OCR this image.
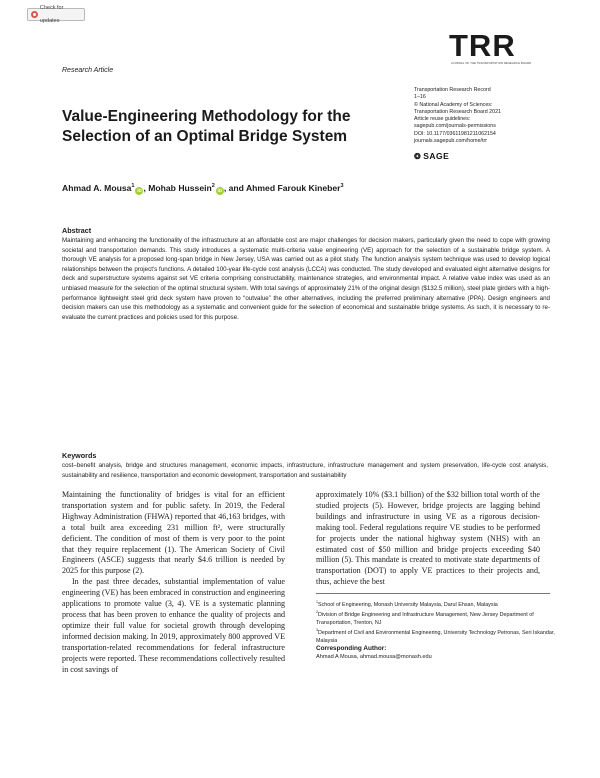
Check for updates
TRR
JOURNAL OF THE TRANSPORTATION RESEARCH BOARD
Research Article
Transportation Research Record
1–16
© National Academy of Sciences:
Transportation Research Board 2021
Article reuse guidelines:
sagepub.com/journals-permissions
DOI: 10.1177/03611981211062154
journals.sagepub.com/home/trr
❂ SAGE
Value-Engineering Methodology for the Selection of an Optimal Bridge System
Ahmad A. Mousa$^1$iD , Mohab Hussein$^2$iD , and Ahmed Farouk Kineber$^3$
Abstract
Maintaining and enhancing the functionality of the infrastructure at an affordable cost are major challenges for decision makers, particularly given the need to cope with growing societal and transportation demands. This study introduces a systematic multi-criteria value engineering (VE) approach for the selection of a sustainable bridge system. A thorough VE analysis for a proposed long-span bridge in New Jersey, USA was carried out as a pilot study. The function analysis system technique was used to develop logical relationships between the project's functions. A detailed 100-year life-cycle cost analysis (LCCA) was conducted. The study developed and evaluated eight alternative designs for deck and superstructure systems against set VE criteria comprising constructability, maintenance strategies, and environmental impact. A relative value index was used as an unbiased measure for the selection of the optimal structural system. With total savings of approximately 21% of the original design ($132.5 million), steel plate girders with a high-performance lightweight steel grid deck system have proven to “outvalue” the other alternatives, including the preferred preliminary alternative (PPA). Design engineers and decision makers can use this methodology as a systematic and convenient guide for the selection of economical and sustainable bridge systems. As such, it is necessary to re-evaluate the current practices and policies used for this purpose.
Keywords
cost–benefit analysis, bridge and structures management, economic impacts, infrastructure, infrastructure management and system preservation, life-cycle cost analysis, sustainability and resilience, transportation and economic development, transportation and sustainability

Maintaining the functionality of bridges is vital for an efficient transportation system and for public safety. In 2019, the Federal Highway Administration (FHWA) reported that 46,163 bridges, with a total built area exceeding 231 million ft², were structurally deficient. The condition of most of them is very poor to the point that they require replacement (1). The American Society of Civil Engineers (ASCE) suggests that nearly $4.6 trillion is needed by 2025 for this purpose (2).

In the past three decades, substantial implementation of value engineering (VE) has been embraced in construction and engineering applications to promote value (3, 4). VE is a systematic planning process that has been proven to enhance the quality of projects and optimize their full value for societal growth through developing informed decision making. In 2019, approximately 800 approved VE transportation-related recommendations for federal infrastructure projects were reported. These recommendations collectively resulted in cost savings of

approximately 10% ($3.1 billion) of the $32 billion total worth of the studied projects (5). However, bridge projects are lagging behind buildings and infrastructure in using VE as a rigorous decision-making tool. Federal regulations require VE studies to be performed for projects under the national highway system (NHS) with an estimated cost of $50 million and bridge projects exceeding $40 million (5). This mandate is created to motivate state departments of transportation (DOT) to apply VE practices to their projects and, thus, achieve the best

$^1$School of Engineering, Monash University Malaysia, Darul Ehsan, Malaysia
$^2$Division of Bridge Engineering and Infrastructure Management, New Jersey Department of Transportation, Trenton, NJ
$^3$Department of Civil and Environmental Engineering, University Technology Petronas, Seri Iskandar, Malaysia
Corresponding Author:
Ahmad A Mousa, ahmad.mousa@monash.edu
